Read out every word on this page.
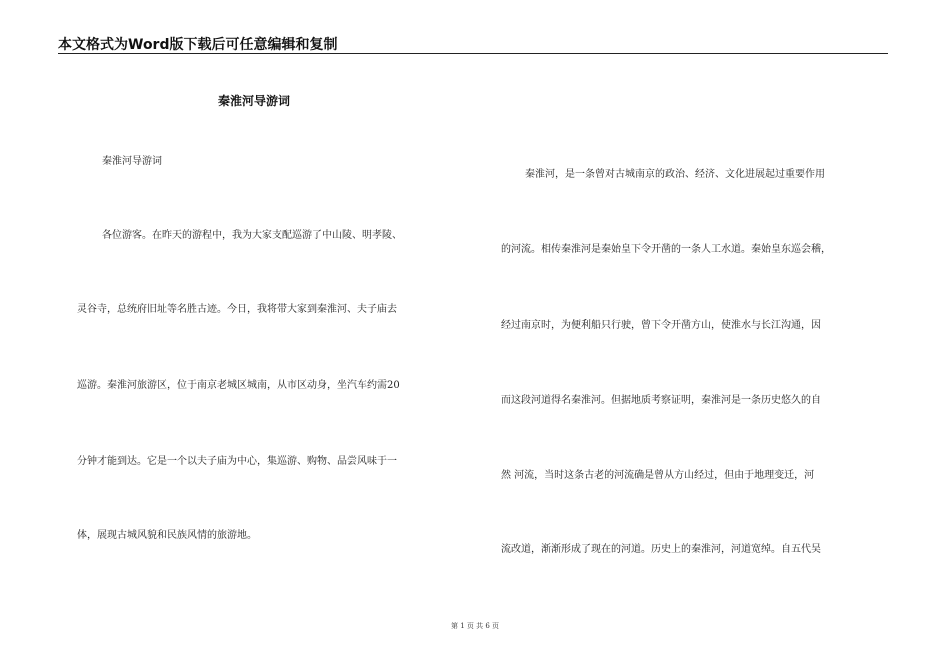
本文格式为Word版下载后可任意编辑和复制
秦淮河导游词
秦淮河导游词
各位游客。在昨天的游程中，我为大家支配巡游了中山陵、明孝陵、
灵谷寺，总统府旧址等名胜古迹。今日，我将带大家到秦淮河、夫子庙去
巡游。秦淮河旅游区，位于南京老城区城南，从市区动身，坐汽车约需20
分钟才能到达。它是一个以夫子庙为中心，集巡游、购物、品尝风味于一
体，展现古城风貌和民族风情的旅游地。
秦淮河，是一条曾对古城南京的政治、经济、文化进展起过重要作用
的河流。相传秦淮河是秦始皇下令开凿的一条人工水道。秦始皇东巡会稽，
经过南京时，为便利船只行驶，曾下令开凿方山，使淮水与长江沟通，因
而这段河道得名秦淮河。但据地质考察证明，秦淮河是一条历史悠久的自
然 河流，当时这条古老的河流确是曾从方山经过，但由于地理变迁，河
流改道，渐渐形成了现在的河道。历史上的秦淮河，河道宽绰。自五代吴
第 1 页 共 6 页
